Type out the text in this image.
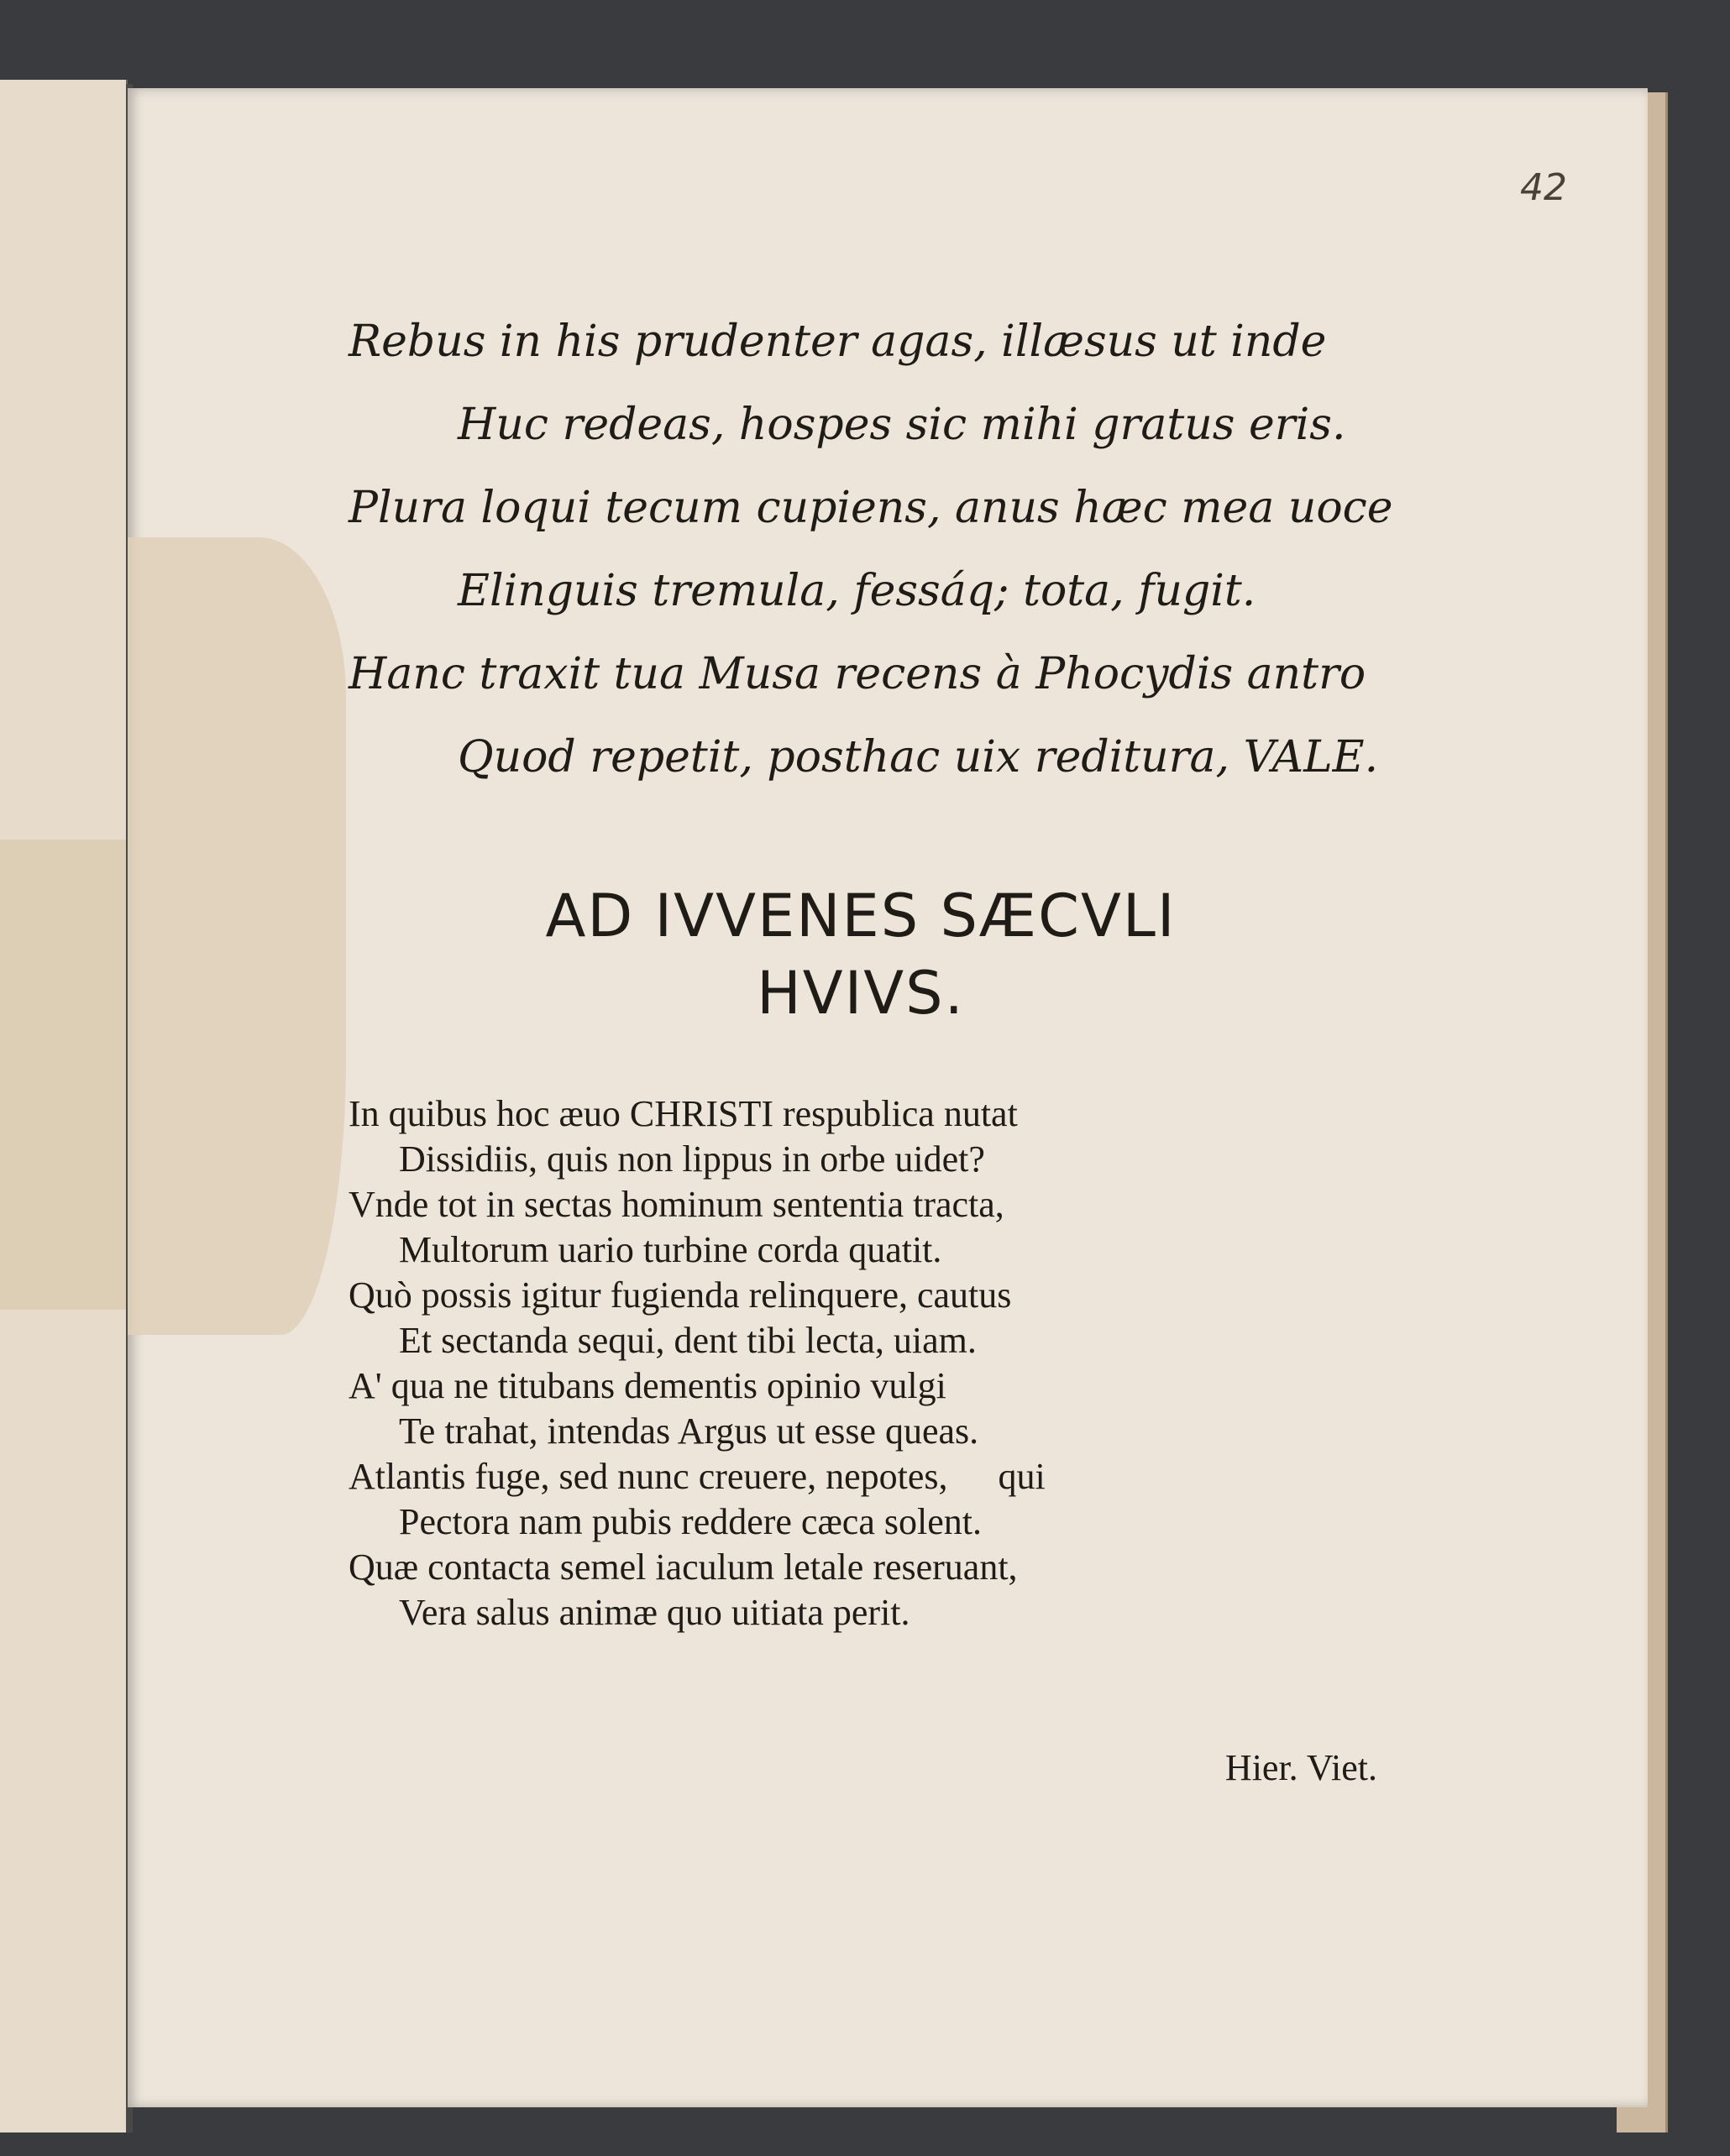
42
Rebus in his prudenter agas, illæsus ut inde
Huc redeas, hospes sic mihi gratus eris.
Plura loqui tecum cupiens, anus hæc mea uoce
Elinguis tremula, fessáq; tota, fugit.
Hanc traxit tua Musa recens à Phocydis antro
Quod repetit, posthac uix reditura, VALE.
AD IVVENES SÆCVLI
HVIVS.
In quibus hoc æuo CHRISTI respublica nutat
Dissidiis, quis non lippus in orbe uidet?
Vnde tot in sectas hominum sententia tracta,
Multorum uario turbine corda quatit.
Quò possis igitur fugienda relinquere, cautus
Et sectanda sequi, dent tibi lecta, uiam.
A' qua ne titubans dementis opinio vulgi
Te trahat, intendas Argus ut esse queas.
Atlantis fuge, sed nunc creuere, nepotes, qui
Pectora nam pubis reddere cæca solent.
Quæ contacta semel iaculum letale reseruant,
Vera salus animæ quo uitiata perit.
Hier. Viet.
